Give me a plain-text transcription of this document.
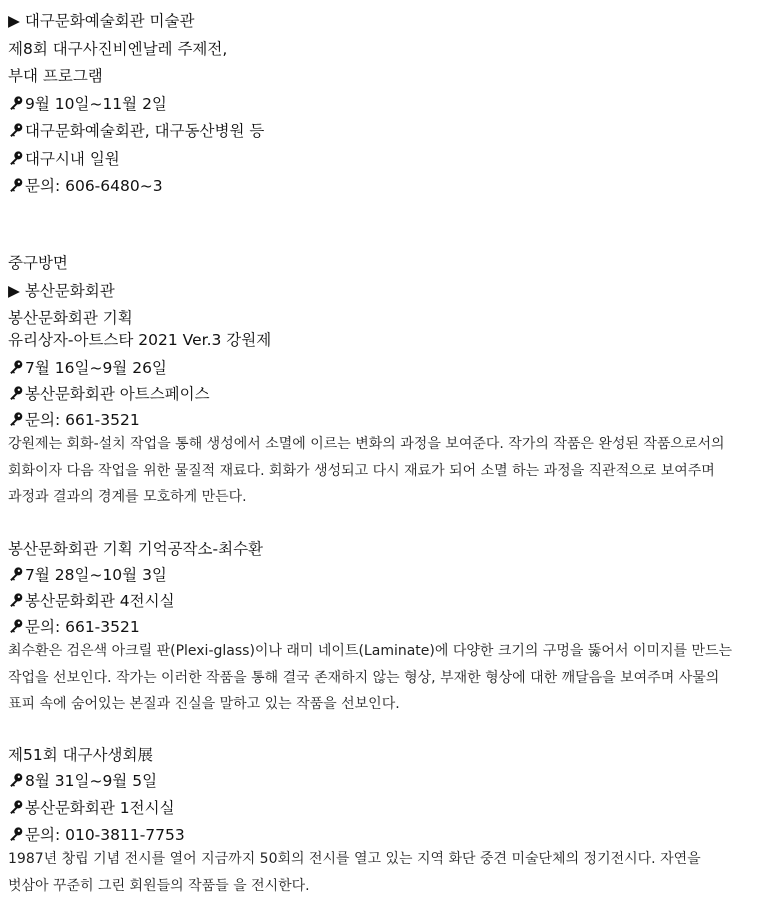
▶ 대구문화예술회관 미술관
제8회 대구사진비엔날레 주제전,
부대 프로그램
9월 10일~11월 2일
대구문화예술회관, 대구동산병원 등
대구시내 일원
문의: 606-6480~3
중구방면
▶ 봉산문화회관
봉산문화회관 기획
유리상자-아트스타 2021 Ver.3 강원제
7월 16일~9월 26일
봉산문화회관 아트스페이스
문의: 661-3521
강원제는 회화-설치 작업을 통해 생성에서 소멸에 이르는 변화의 과정을 보여준다. 작가의 작품은 완성된 작품으로서의 회화이자 다음 작업을 위한 물질적 재료다. 회화가 생성되고 다시 재료가 되어 소멸 하는 과정을 직관적으로 보여주며 과정과 결과의 경계를 모호하게 만든다.
봉산문화회관 기획 기억공작소-최수환
7월 28일~10월 3일
봉산문화회관 4전시실
문의: 661-3521
최수환은 검은색 아크릴 판(Plexi-glass)이나 래미 네이트(Laminate)에 다양한 크기의 구멍을 뚫어서 이미지를 만드는 작업을 선보인다. 작가는 이러한 작품을 통해 결국 존재하지 않는 형상, 부재한 형상에 대한 깨달음을 보여주며 사물의 표피 속에 숨어있는 본질과 진실을 말하고 있는 작품을 선보인다.
제51회 대구사생회展
8월 31일~9월 5일
봉산문화회관 1전시실
문의: 010-3811-7753
1987년 창립 기념 전시를 열어 지금까지 50회의 전시를 열고 있는 지역 화단 중견 미술단체의 정기전시다. 자연을 벗삼아 꾸준히 그린 회원들의 작품들 을 전시한다.
